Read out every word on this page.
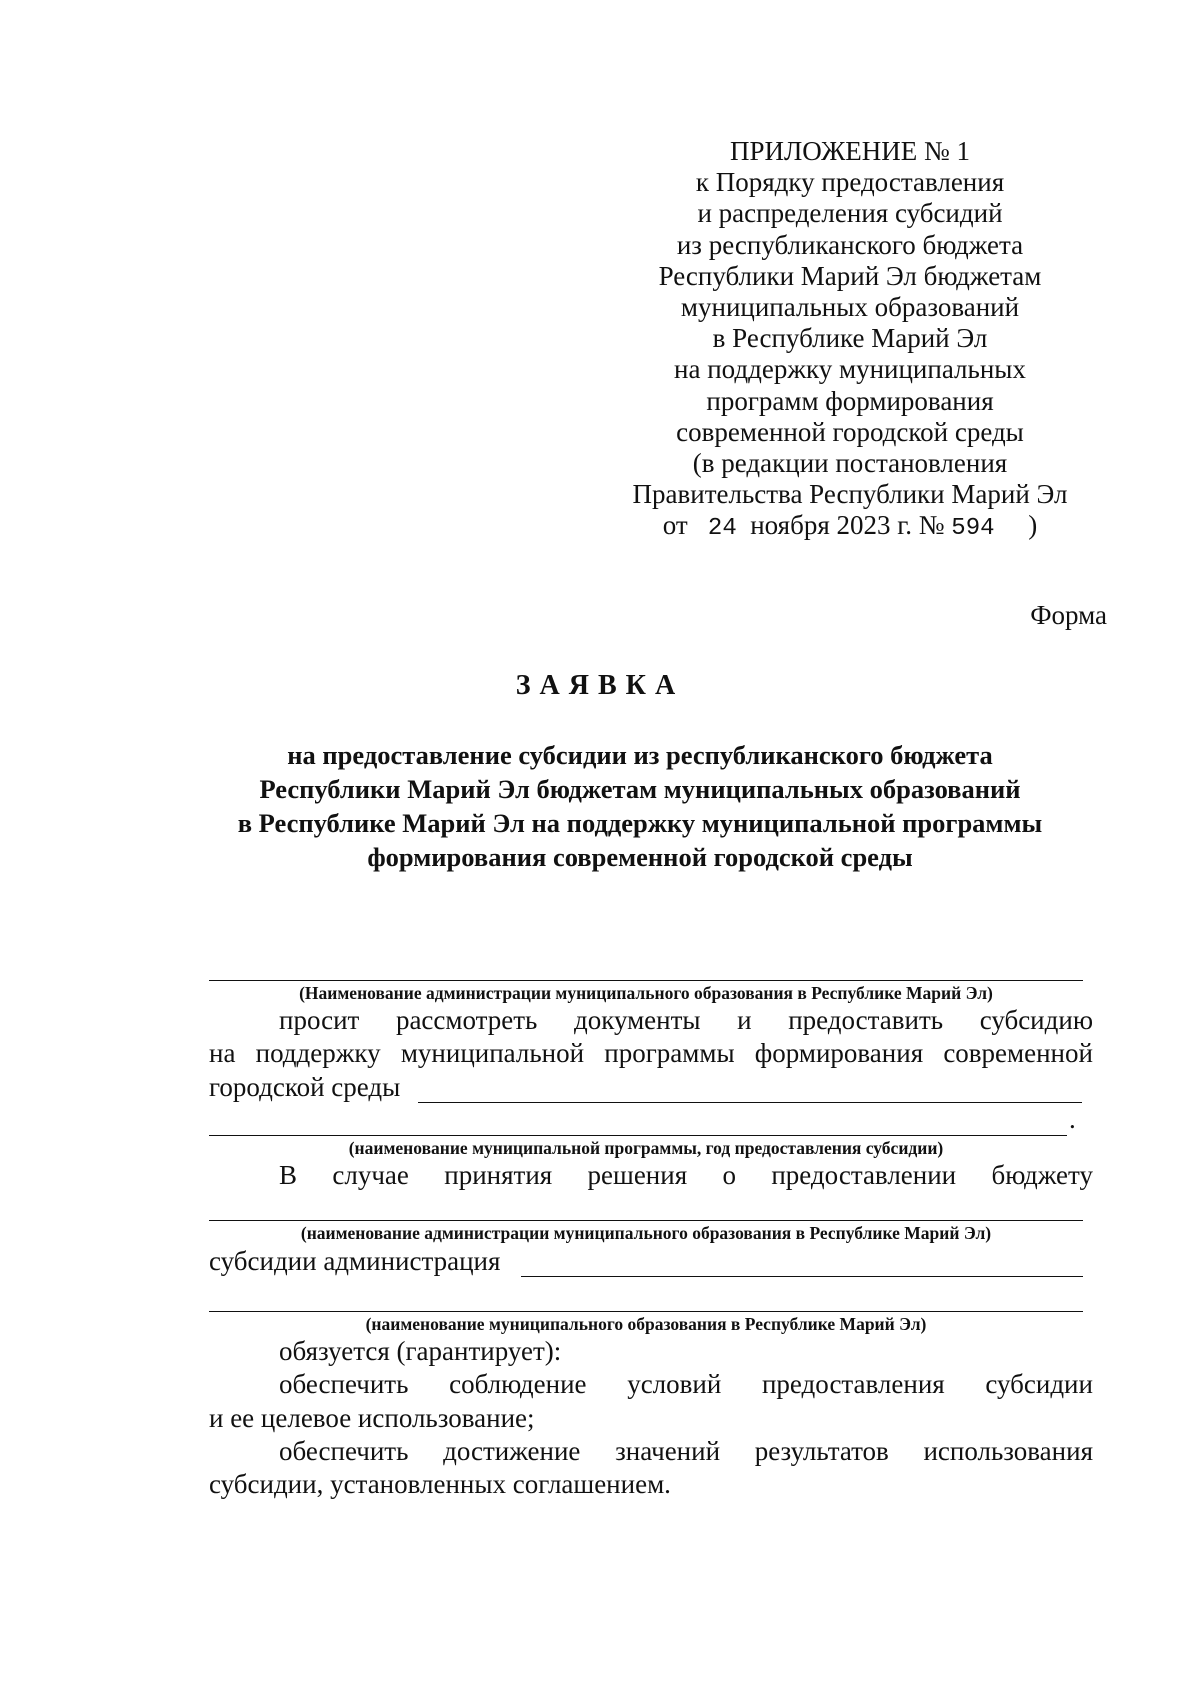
ПРИЛОЖЕНИЕ № 1
к Порядку предоставления
и распределения субсидий
из республиканского бюджета
Республики Марий Эл бюджетам
муниципальных образований
в Республике Марий Эл
на поддержку муниципальных
программ формирования
современной городской среды
(в редакции постановления
Правительства Республики Марий Эл
от 24 ноября 2023 г. № 594 )
Форма
ЗАЯВКА
на предоставление субсидии из республиканского бюджета
Республики Марий Эл бюджетам муниципальных образований
в Республике Марий Эл на поддержку муниципальной программы
формирования современной городской среды
(Наименование администрации муниципального образования в Республике Марий Эл)
просит рассмотреть документы и предоставить субсидию
на поддержку муниципальной программы формирования современной
городской среды
.
(наименование муниципальной программы, год предоставления субсидии)
В случае принятия решения о предоставлении бюджету
(наименование администрации муниципального образования в Республике Марий Эл)
субсидии администрация
(наименование муниципального образования в Республике Марий Эл)
обязуется (гарантирует):
обеспечить соблюдение условий предоставления субсидии
и ее целевое использование;
обеспечить достижение значений результатов использования
субсидии, установленных соглашением.
